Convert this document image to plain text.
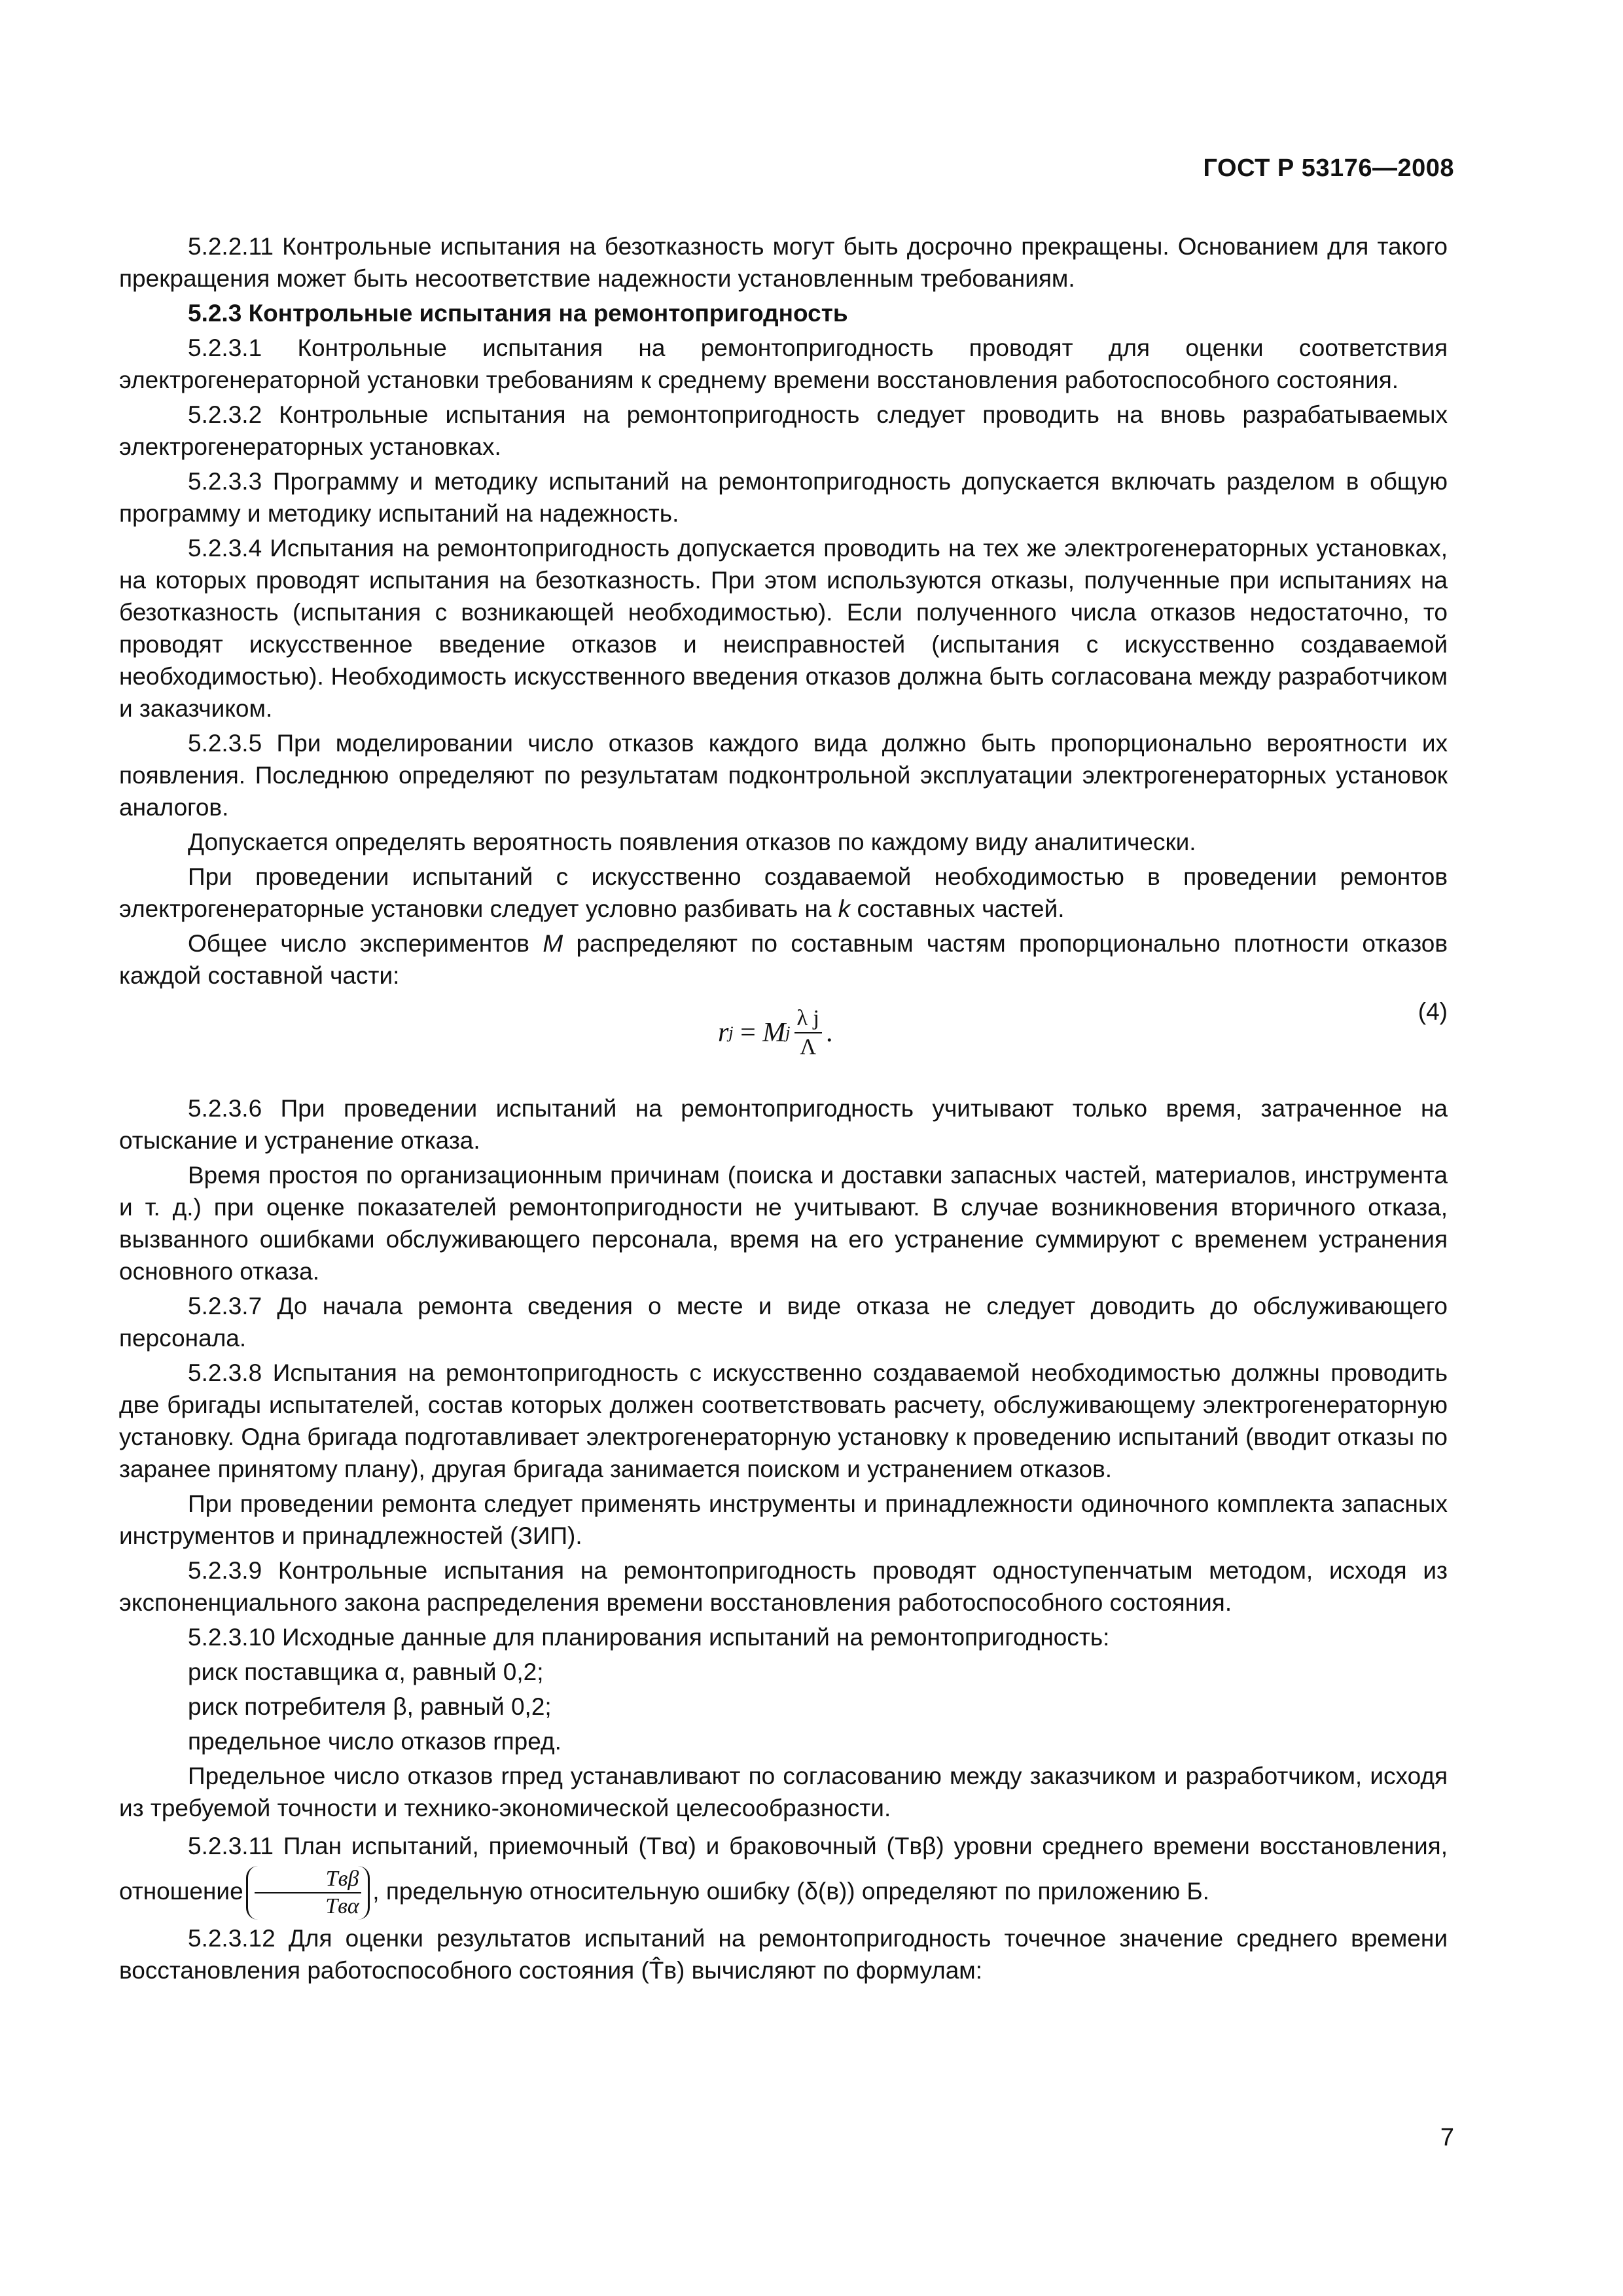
ГОСТ Р 53176—2008

5.2.2.11 Контрольные испытания на безотказность могут быть досрочно прекращены. Основанием для такого прекращения может быть несоответствие надежности установленным требованиям.

5.2.3 Контрольные испытания на ремонтопригодность

5.2.3.1 Контрольные испытания на ремонтопригодность проводят для оценки соответствия электрогенераторной установки требованиям к среднему времени восстановления работоспособного состояния.

5.2.3.2 Контрольные испытания на ремонтопригодность следует проводить на вновь разрабатываемых электрогенераторных установках.

5.2.3.3 Программу и методику испытаний на ремонтопригодность допускается включать разделом в общую программу и методику испытаний на надежность.

5.2.3.4 Испытания на ремонтопригодность допускается проводить на тех же электрогенераторных установках, на которых проводят испытания на безотказность. При этом используются отказы, полученные при испытаниях на безотказность (испытания с возникающей необходимостью). Если полученного числа отказов недостаточно, то проводят искусственное введение отказов и неисправностей (испытания с искусственно создаваемой необходимостью). Необходимость искусственного введения отказов должна быть согласована между разработчиком и заказчиком.

5.2.3.5 При моделировании число отказов каждого вида должно быть пропорционально вероятности их появления. Последнюю определяют по результатам подконтрольной эксплуатации электрогенераторных установок аналогов.

Допускается определять вероятность появления отказов по каждому виду аналитически.

При проведении испытаний с искусственно создаваемой необходимостью в проведении ремонтов электрогенераторные установки следует условно разбивать на k составных частей.

Общее число экспериментов M распределяют по составным частям пропорционально плотности отказов каждой составной части:

r j = M j $\frac{\text{λ j}}{\Lambda}$ .
(4)

5.2.3.6 При проведении испытаний на ремонтопригодность учитывают только время, затраченное на отыскание и устранение отказа.

Время простоя по организационным причинам (поиска и доставки запасных частей, материалов, инструмента и т. д.) при оценке показателей ремонтопригодности не учитывают. В случае возникновения вторичного отказа, вызванного ошибками обслуживающего персонала, время на его устранение суммируют с временем устранения основного отказа.

5.2.3.7 До начала ремонта сведения о месте и виде отказа не следует доводить до обслуживающего персонала.

5.2.3.8 Испытания на ремонтопригодность с искусственно создаваемой необходимостью должны проводить две бригады испытателей, состав которых должен соответствовать расчету, обслуживающему электрогенераторную установку. Одна бригада подготавливает электрогенераторную установку к проведению испытаний (вводит отказы по заранее принятому плану), другая бригада занимается поиском и устранением отказов.

При проведении ремонта следует применять инструменты и принадлежности одиночного комплекта запасных инструментов и принадлежностей (ЗИП).

5.2.3.9 Контрольные испытания на ремонтопригодность проводят одноступенчатым методом, исходя из экспоненциального закона распределения времени восстановления работоспособного состояния.

5.2.3.10 Исходные данные для планирования испытаний на ремонтопригодность:

риск поставщика α, равный 0,2;

риск потребителя β, равный 0,2;

предельное число отказов rпред.

Предельное число отказов rпред устанавливают по согласованию между заказчиком и разработчиком, исходя из требуемой точности и технико-экономической целесообразности.

5.2.3.11 План испытаний, приемочный (Tвα) и браковочный (Tвβ) уровни среднего времени восстановления, отношение $\frac{\text{Tвβ}}{\text{Tвα}}$ , предельную относительную ошибку (δ(в)) определяют по приложению Б.

5.2.3.12 Для оценки результатов испытаний на ремонтопригодность точечное значение среднего времени восстановления работоспособного состояния (T̂в) вычисляют по формулам:

7
